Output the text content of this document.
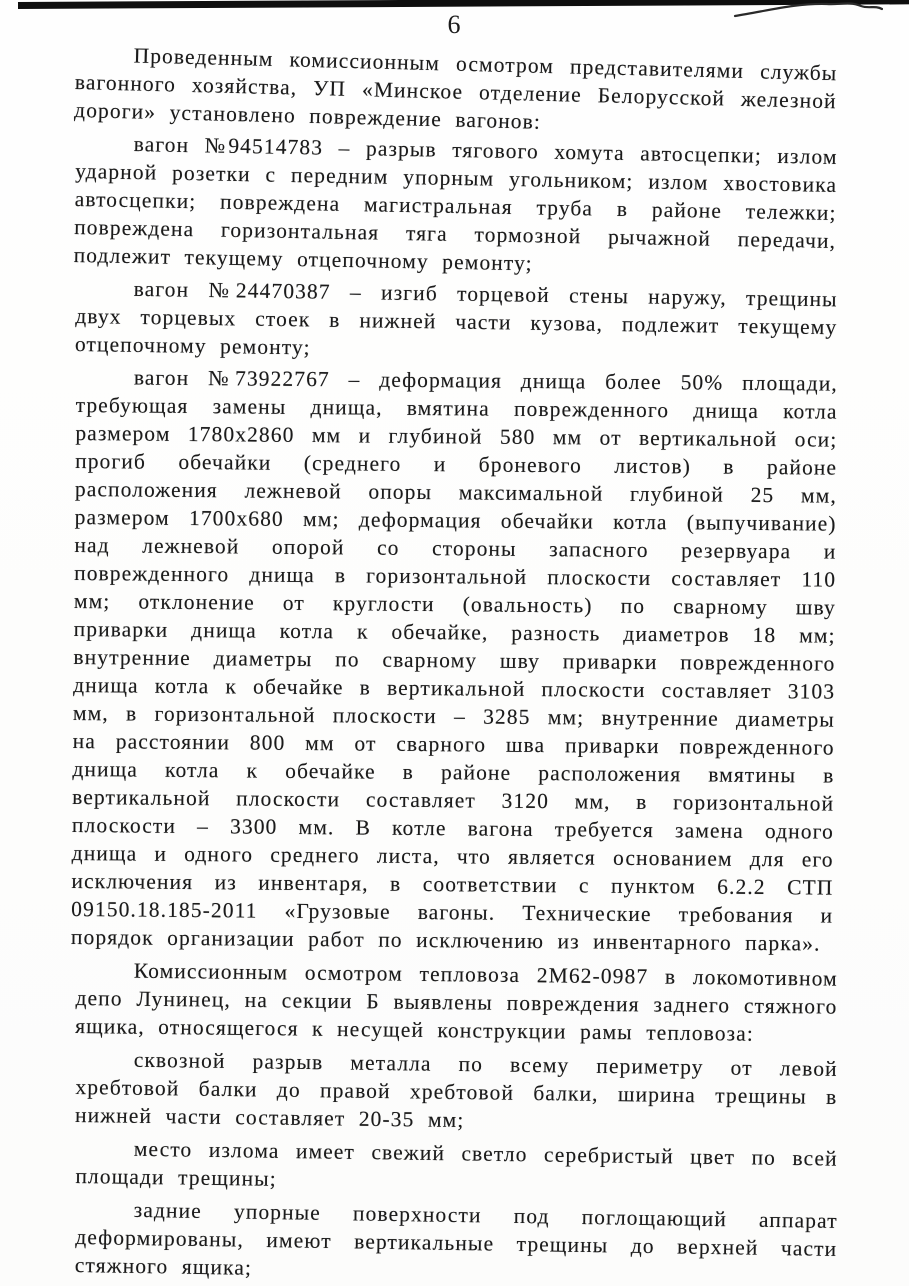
6

Проведенным комиссионным осмотром представителями службы вагонного хозяйства, УП «Минское отделение Белорусской железной дороги» установлено повреждение вагонов:

вагон №94514783 – разрыв тягового хомута автосцепки; излом ударной розетки с передним упорным угольником; излом хвостовика автосцепки; повреждена магистральная труба в районе тележки; повреждена горизонтальная тяга тормозной рычажной передачи, подлежит текущему отцепочному ремонту;

вагон №24470387 – изгиб торцевой стены наружу, трещины двух торцевых стоек в нижней части кузова, подлежит текущему отцепочному ремонту;

вагон №73922767 – деформация днища более 50% площади, требующая замены днища, вмятина поврежденного днища котла размером 1780х2860 мм и глубиной 580 мм от вертикальной оси; прогиб обечайки (среднего и броневого листов) в районе расположения лежневой опоры максимальной глубиной 25 мм, размером 1700х680 мм; деформация обечайки котла (выпучивание) над лежневой опорой со стороны запасного резервуара и поврежденного днища в горизонтальной плоскости составляет 110 мм; отклонение от круглости (овальность) по сварному шву приварки днища котла к обечайке, разность диаметров 18 мм; внутренние диаметры по сварному шву приварки поврежденного днища котла к обечайке в вертикальной плоскости составляет 3103 мм, в горизонтальной плоскости – 3285 мм; внутренние диаметры на расстоянии 800 мм от сварного шва приварки поврежденного днища котла к обечайке в районе расположения вмятины в вертикальной плоскости составляет 3120 мм, в горизонтальной плоскости – 3300 мм. В котле вагона требуется замена одного днища и одного среднего листа, что является основанием для его исключения из инвентаря, в соответствии с пунктом 6.2.2 СТП 09150.18.185-2011 «Грузовые вагоны. Технические требования и порядок организации работ по исключению из инвентарного парка».

Комиссионным осмотром тепловоза 2М62-0987 в локомотивном депо Лунинец, на секции Б выявлены повреждения заднего стяжного ящика, относящегося к несущей конструкции рамы тепловоза:

сквозной разрыв металла по всему периметру от левой хребтовой балки до правой хребтовой балки, ширина трещины в нижней части составляет 20-35 мм;

место излома имеет свежий светло серебристый цвет по всей площади трещины;

задние упорные поверхности под поглощающий аппарат деформированы, имеют вертикальные трещины до верхней части стяжного ящика;
